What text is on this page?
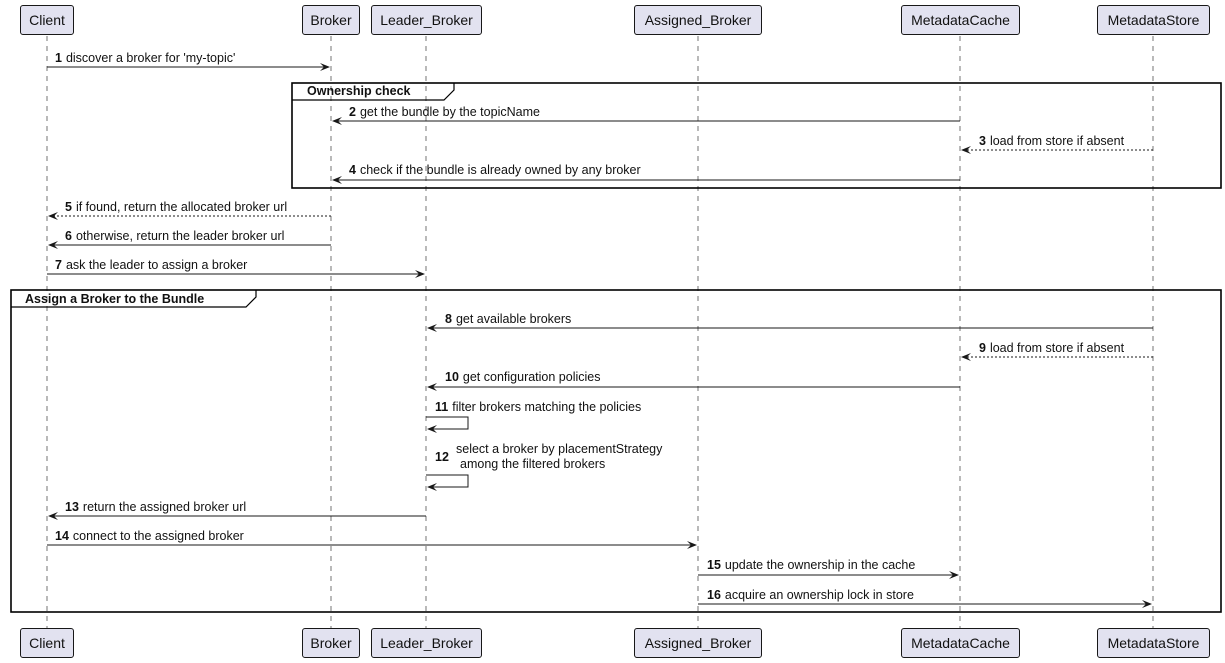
Client	Broker	Leader_Broker	Assigned_Broker	MetadataCache	MetadataStore
Client	Broker	Leader_Broker	Assigned_Broker	MetadataCache	MetadataStore
Ownership check
Assign a Broker to the Bundle
1 discover a broker for 'my-topic'
2 get the bundle by the topicName
3 load from store if absent
4 check if the bundle is already owned by any broker
5 if found, return the allocated broker url
6 otherwise, return the leader broker url
7 ask the leader to assign a broker
8 get available brokers
9 load from store if absent
10 get configuration policies
11 filter brokers matching the policies
12
select a broker by placementStrategy
among the filtered brokers
13 return the assigned broker url
14 connect to the assigned broker
15 update the ownership in the cache
16 acquire an ownership lock in store
